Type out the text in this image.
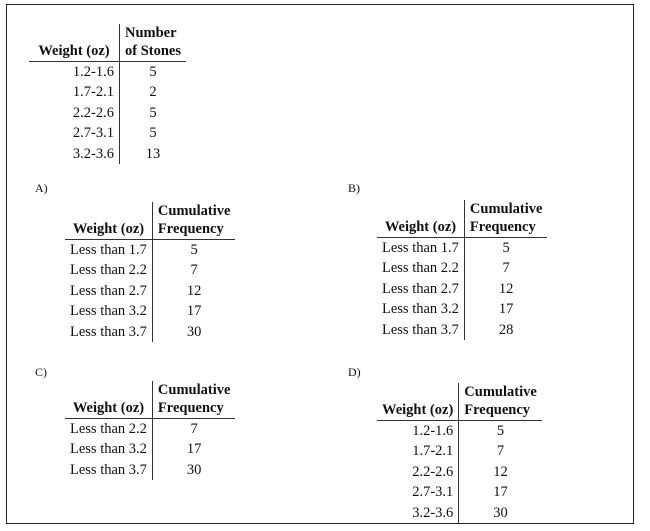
Weight (oz)	Number
of Stones
1.2-1.6	5
1.7-2.1	2
2.2-2.6	5
2.7-3.1	5
3.2-3.6	13
A)
Weight (oz)	Cumulative
Frequency
Less than 1.7	5
Less than 2.2	7
Less than 2.7	12
Less than 3.2	17
Less than 3.7	30
B)
Weight (oz)	Cumulative
Frequency
Less than 1.7	5
Less than 2.2	7
Less than 2.7	12
Less than 3.2	17
Less than 3.7	28
C)
Weight (oz)	Cumulative
Frequency
Less than 2.2	7
Less than 3.2	17
Less than 3.7	30
D)
Weight (oz)	Cumulative
Frequency
1.2-1.6	5
1.7-2.1	7
2.2-2.6	12
2.7-3.1	17
3.2-3.6	30
